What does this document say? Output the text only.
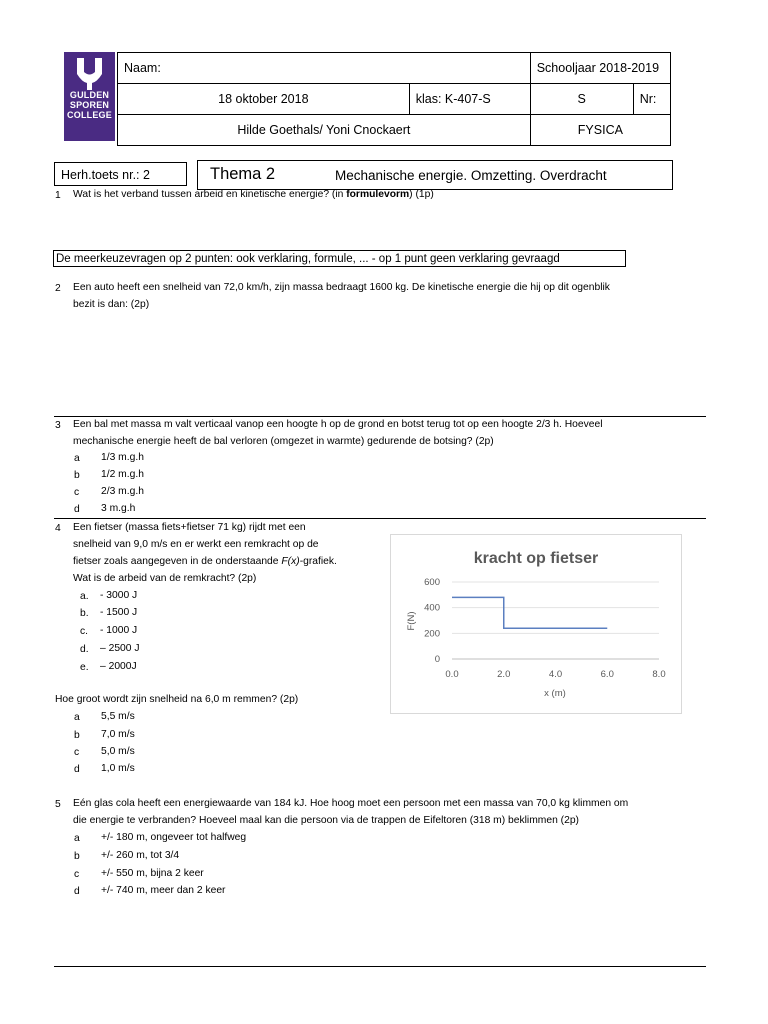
GULDEN
SPOREN
COLLEGE
Naam:		Schooljaar 2018-2019	
18 oktober 2018	klas: K-407-S	S	Nr:
Hilde Goethals/ Yoni Cnockaert		FYSICA	
Herh.toets nr.: 2	Thema 2	Mechanische energie. Omzetting. Overdracht
1 Wat is het verband tussen arbeid en kinetische energie? (in formulevorm) (1p)
De meerkeuzevragen op 2 punten: ook verklaring, formule, ... - op 1 punt geen verklaring gevraagd
2 Een auto heeft een snelheid van 72,0 km/h, zijn massa bedraagt 1600 kg. De kinetische energie die hij op dit ogenblik
bezit is dan: (2p)
3 Een bal met massa m valt verticaal vanop een hoogte h op de grond en botst terug tot op een hoogte 2/3 h. Hoeveel
mechanische energie heeft de bal verloren (omgezet in warmte) gedurende de botsing? (2p)
a 1/3 m.g.h
b 1/2 m.g.h
c 2/3 m.g.h
d 3 m.g.h
4 Een fietser (massa fiets+fietser 71 kg) rijdt met een
snelheid van 9,0 m/s en er werkt een remkracht op de
fietser zoals aangegeven in de onderstaande F(x)-grafiek.
Wat is de arbeid van de remkracht? (2p)
a. - 3000 J
b. - 1500 J
c. - 1000 J
d. – 2500 J
e. – 2000J
Hoe groot wordt zijn snelheid na 6,0 m remmen? (2p)
a 5,5 m/s
b 7,0 m/s
c 5,0 m/s
d 1,0 m/s
kracht op fietser
0
200
400
600
0.0	2.0	4.0	6.0	8.0
x (m)
F(N)
5 Eén glas cola heeft een energiewaarde van 184 kJ. Hoe hoog moet een persoon met een massa van 70,0 kg klimmen om
die energie te verbranden? Hoeveel maal kan die persoon via de trappen de Eifeltoren (318 m) beklimmen (2p)
a +/- 180 m, ongeveer tot halfweg
b +/- 260 m, tot 3/4
c +/- 550 m, bijna 2 keer
d +/- 740 m, meer dan 2 keer
